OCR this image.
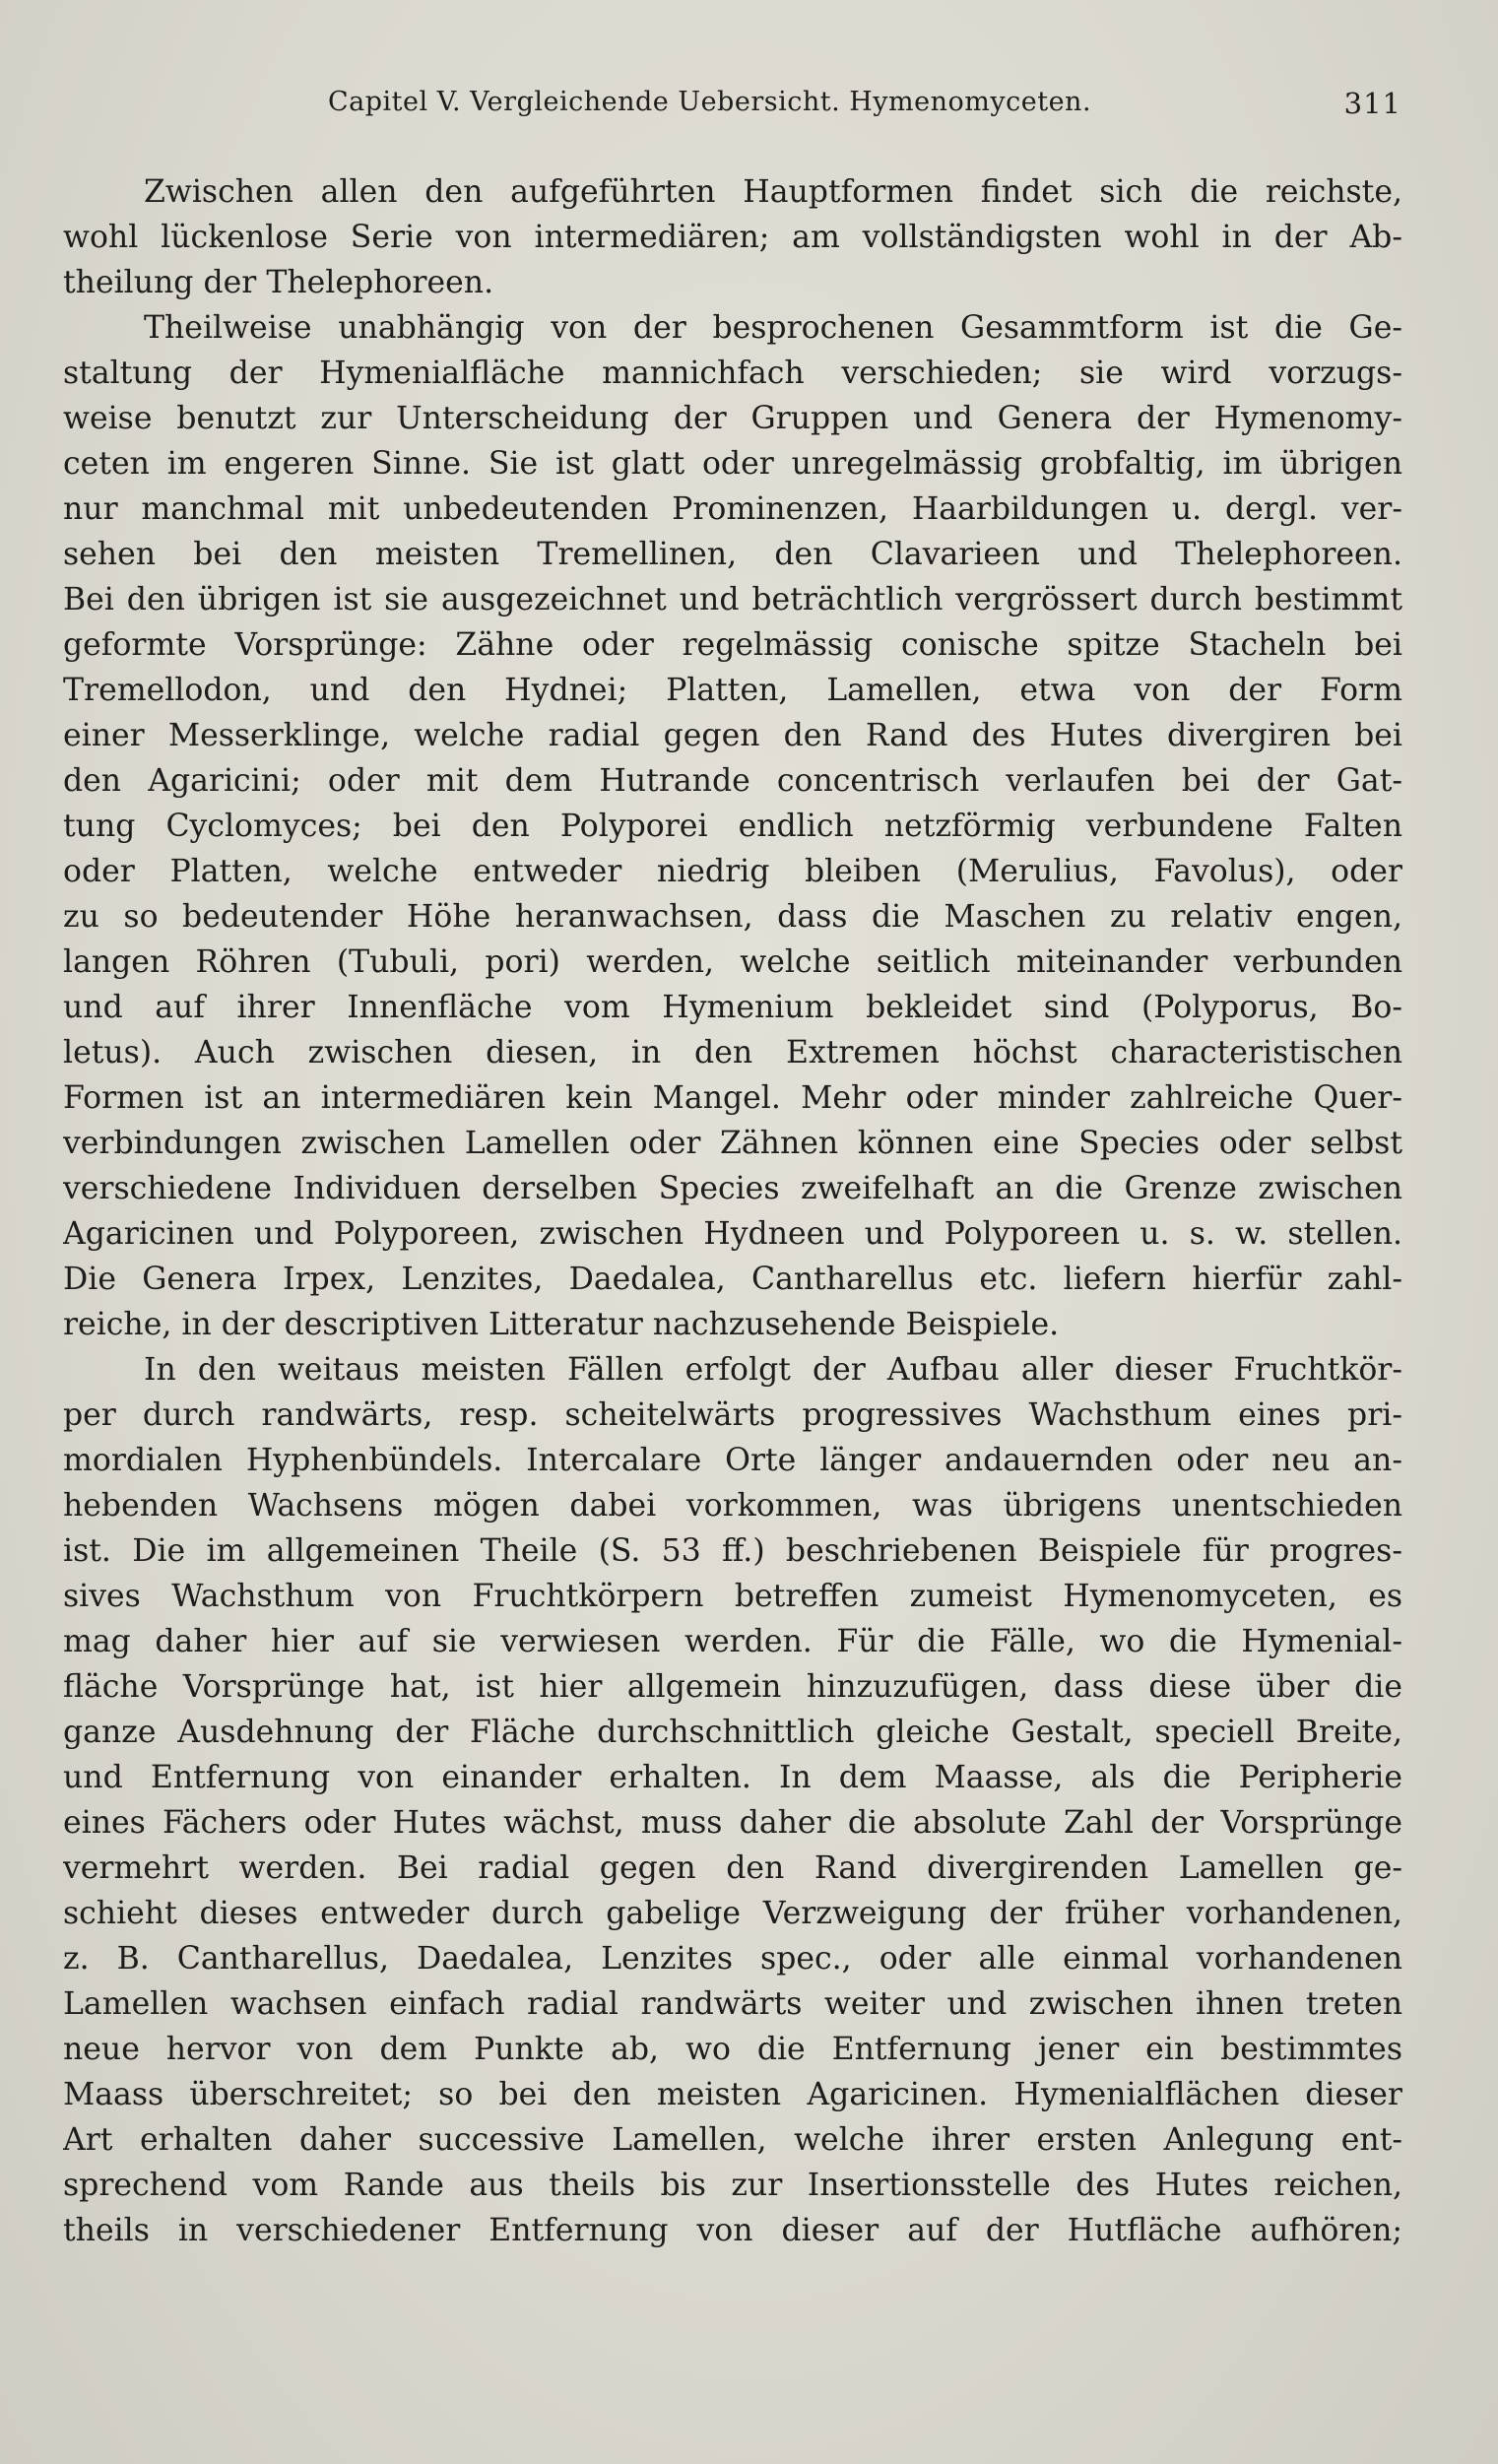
Capitel V. Vergleichende Uebersicht. Hymenomyceten.	311
Zwischen allen den aufgeführten Hauptformen findet sich die reichste,
wohl lückenlose Serie von intermediären; am vollständigsten wohl in der Ab-
theilung der Thelephoreen.
Theilweise unabhängig von der besprochenen Gesammtform ist die Ge-
staltung der Hymenialfläche mannichfach verschieden; sie wird vorzugs-
weise benutzt zur Unterscheidung der Gruppen und Genera der Hymenomy-
ceten im engeren Sinne. Sie ist glatt oder unregelmässig grobfaltig, im übrigen
nur manchmal mit unbedeutenden Prominenzen, Haarbildungen u. dergl. ver-
sehen bei den meisten Tremellinen, den Clavarieen und Thelephoreen.
Bei den übrigen ist sie ausgezeichnet und beträchtlich vergrössert durch bestimmt
geformte Vorsprünge: Zähne oder regelmässig conische spitze Stacheln bei
Tremellodon, und den Hydnei; Platten, Lamellen, etwa von der Form
einer Messerklinge, welche radial gegen den Rand des Hutes divergiren bei
den Agaricini; oder mit dem Hutrande concentrisch verlaufen bei der Gat-
tung Cyclomyces; bei den Polyporei endlich netzförmig verbundene Falten
oder Platten, welche entweder niedrig bleiben (Merulius, Favolus), oder
zu so bedeutender Höhe heranwachsen, dass die Maschen zu relativ engen,
langen Röhren (Tubuli, pori) werden, welche seitlich miteinander verbunden
und auf ihrer Innenfläche vom Hymenium bekleidet sind (Polyporus, Bo-
letus). Auch zwischen diesen, in den Extremen höchst characteristischen
Formen ist an intermediären kein Mangel. Mehr oder minder zahlreiche Quer-
verbindungen zwischen Lamellen oder Zähnen können eine Species oder selbst
verschiedene Individuen derselben Species zweifelhaft an die Grenze zwischen
Agaricinen und Polyporeen, zwischen Hydneen und Polyporeen u. s. w. stellen.
Die Genera Irpex, Lenzites, Daedalea, Cantharellus etc. liefern hierfür zahl-
reiche, in der descriptiven Litteratur nachzusehende Beispiele.
In den weitaus meisten Fällen erfolgt der Aufbau aller dieser Fruchtkör-
per durch randwärts, resp. scheitelwärts progressives Wachsthum eines pri-
mordialen Hyphenbündels. Intercalare Orte länger andauernden oder neu an-
hebenden Wachsens mögen dabei vorkommen, was übrigens unentschieden
ist. Die im allgemeinen Theile (S. 53 ff.) beschriebenen Beispiele für progres-
sives Wachsthum von Fruchtkörpern betreffen zumeist Hymenomyceten, es
mag daher hier auf sie verwiesen werden. Für die Fälle, wo die Hymenial-
fläche Vorsprünge hat, ist hier allgemein hinzuzufügen, dass diese über die
ganze Ausdehnung der Fläche durchschnittlich gleiche Gestalt, speciell Breite,
und Entfernung von einander erhalten. In dem Maasse, als die Peripherie
eines Fächers oder Hutes wächst, muss daher die absolute Zahl der Vorsprünge
vermehrt werden. Bei radial gegen den Rand divergirenden Lamellen ge-
schieht dieses entweder durch gabelige Verzweigung der früher vorhandenen,
z. B. Cantharellus, Daedalea, Lenzites spec., oder alle einmal vorhandenen
Lamellen wachsen einfach radial randwärts weiter und zwischen ihnen treten
neue hervor von dem Punkte ab, wo die Entfernung jener ein bestimmtes
Maass überschreitet; so bei den meisten Agaricinen. Hymenialflächen dieser
Art erhalten daher successive Lamellen, welche ihrer ersten Anlegung ent-
sprechend vom Rande aus theils bis zur Insertionsstelle des Hutes reichen,
theils in verschiedener Entfernung von dieser auf der Hutfläche aufhören;
